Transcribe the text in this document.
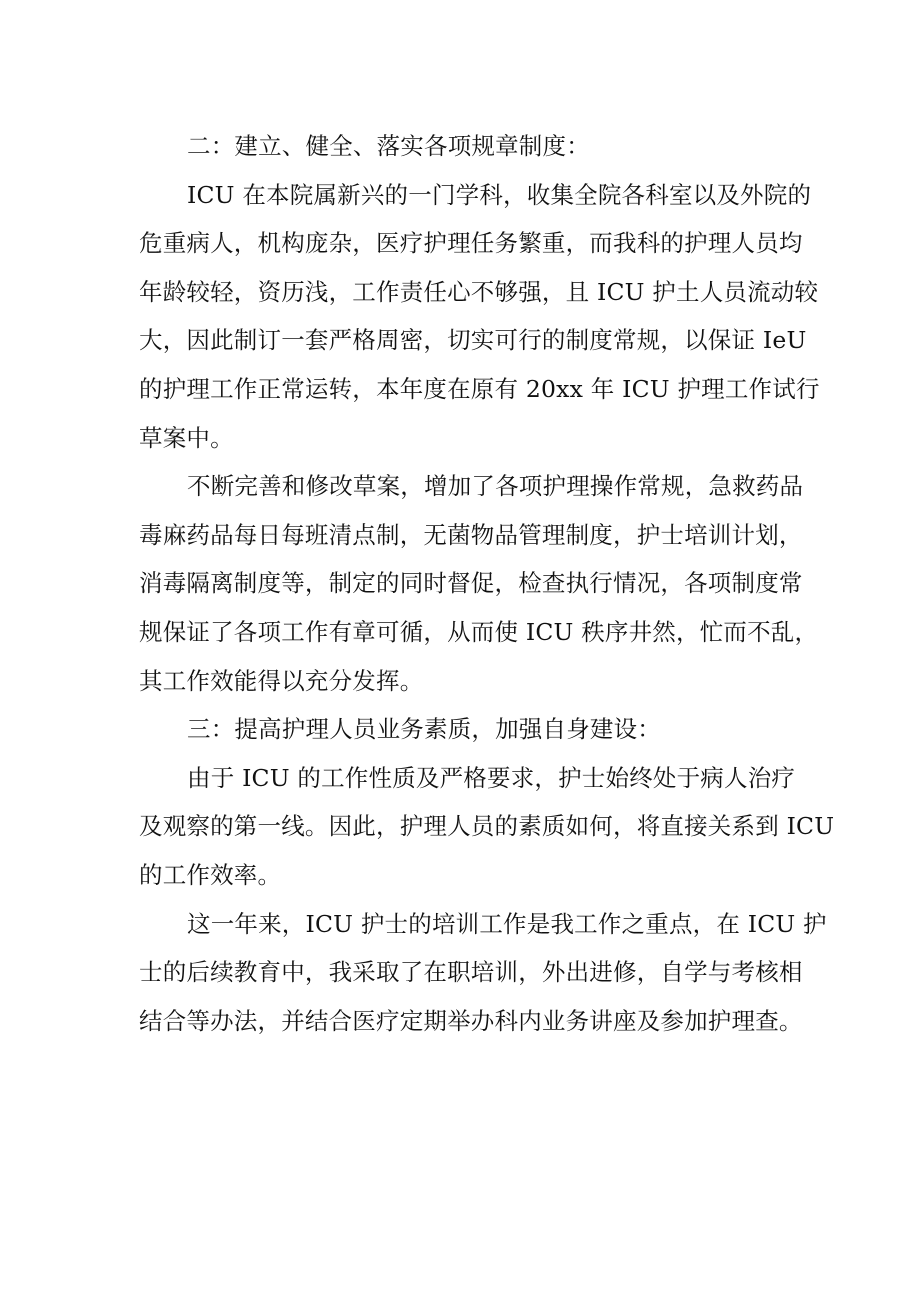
二：建立、健全、落实各项规章制度：
ICU 在本院属新兴的一门学科，收集全院各科室以及外院的
危重病人，机构庞杂，医疗护理任务繁重，而我科的护理人员均
年龄较轻，资历浅，工作责任心不够强，且 ICU 护土人员流动较
大，因此制订一套严格周密，切实可行的制度常规，以保证 IeU
的护理工作正常运转，本年度在原有 20xx 年 ICU 护理工作试行
草案中。
不断完善和修改草案，增加了各项护理操作常规，急救药品
毒麻药品每日每班清点制，无菌物品管理制度，护士培训计划，
消毒隔离制度等，制定的同时督促，检查执行情况，各项制度常
规保证了各项工作有章可循，从而使 ICU 秩序井然，忙而不乱，
其工作效能得以充分发挥。
三：提高护理人员业务素质，加强自身建设：
由于 ICU 的工作性质及严格要求，护士始终处于病人治疗
及观察的第一线。因此，护理人员的素质如何，将直接关系到 ICU
的工作效率。
这一年来，ICU 护士的培训工作是我工作之重点，在 ICU 护
士的后续教育中，我采取了在职培训，外出进修，自学与考核相
结合等办法，并结合医疗定期举办科内业务讲座及参加护理查。
